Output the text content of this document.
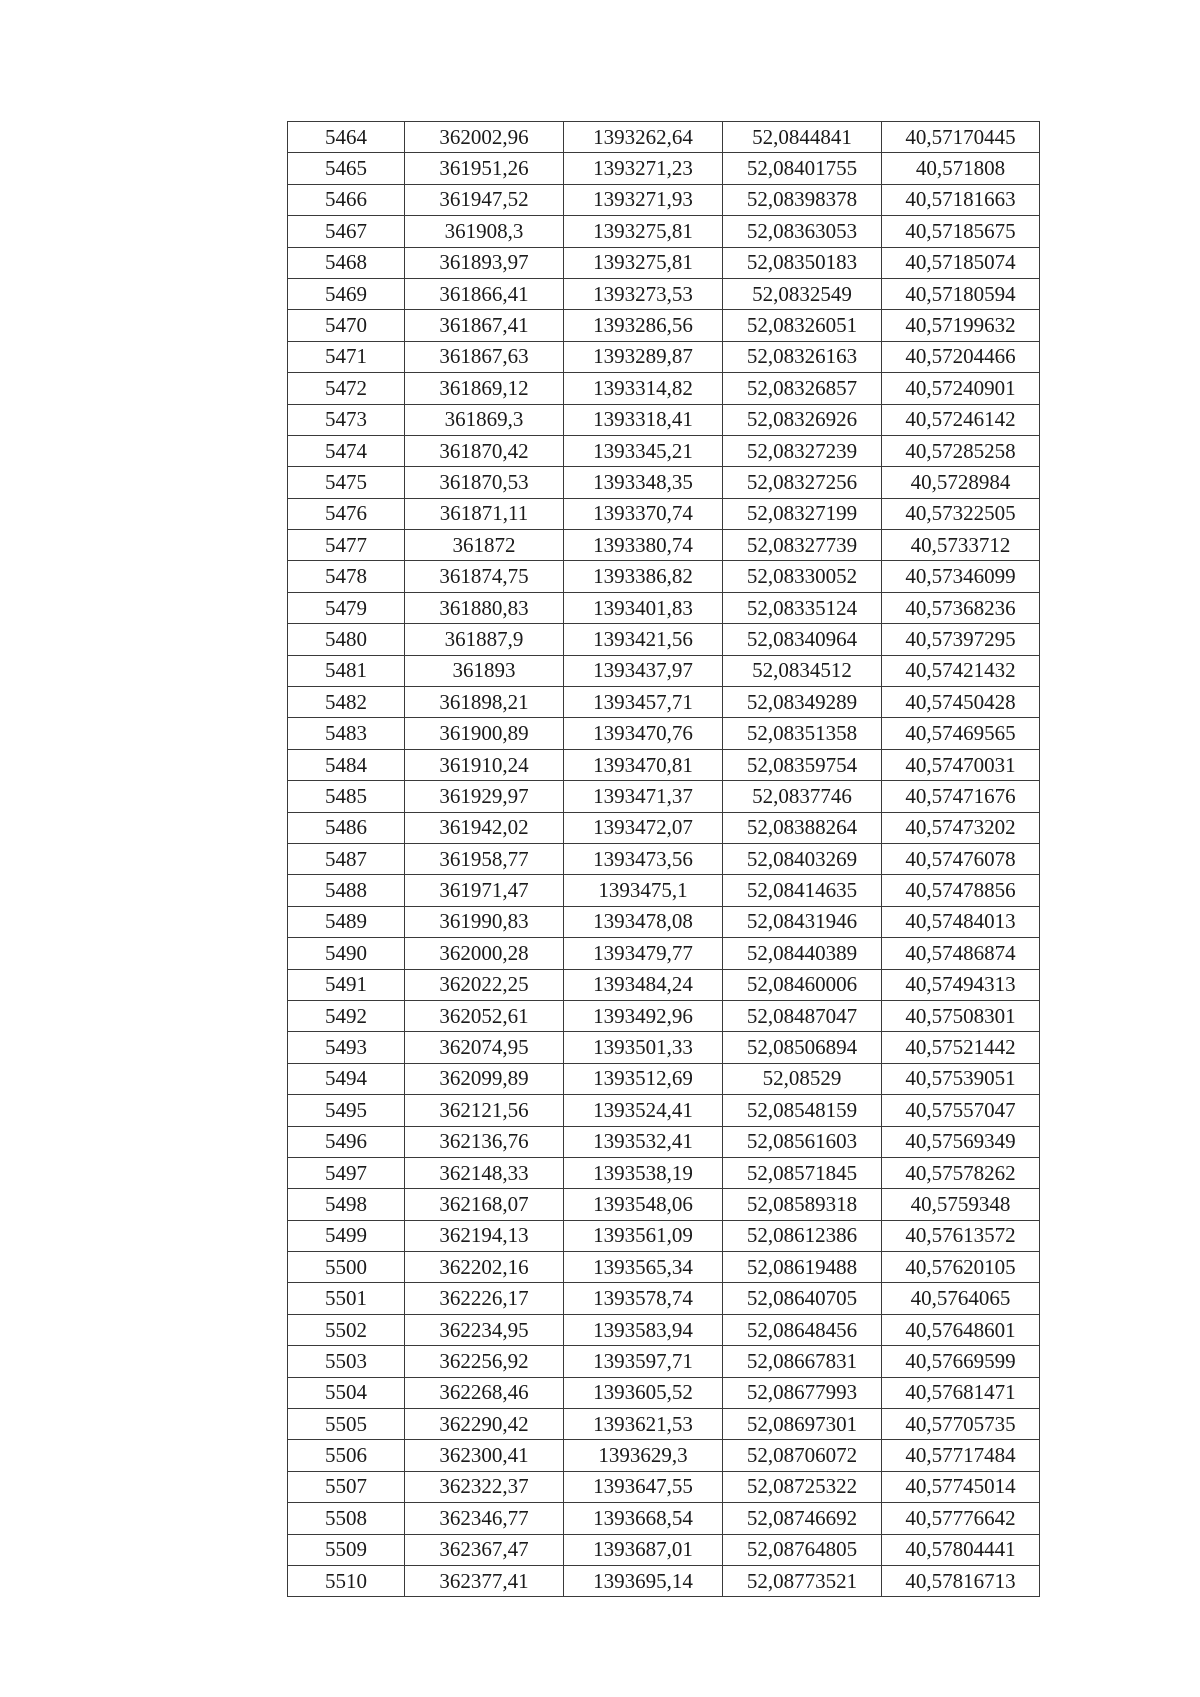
5464	362002,96	1393262,64	52,0844841	40,57170445
5465	361951,26	1393271,23	52,08401755	40,571808
5466	361947,52	1393271,93	52,08398378	40,57181663
5467	361908,3	1393275,81	52,08363053	40,57185675
5468	361893,97	1393275,81	52,08350183	40,57185074
5469	361866,41	1393273,53	52,0832549	40,57180594
5470	361867,41	1393286,56	52,08326051	40,57199632
5471	361867,63	1393289,87	52,08326163	40,57204466
5472	361869,12	1393314,82	52,08326857	40,57240901
5473	361869,3	1393318,41	52,08326926	40,57246142
5474	361870,42	1393345,21	52,08327239	40,57285258
5475	361870,53	1393348,35	52,08327256	40,5728984
5476	361871,11	1393370,74	52,08327199	40,57322505
5477	361872	1393380,74	52,08327739	40,5733712
5478	361874,75	1393386,82	52,08330052	40,57346099
5479	361880,83	1393401,83	52,08335124	40,57368236
5480	361887,9	1393421,56	52,08340964	40,57397295
5481	361893	1393437,97	52,0834512	40,57421432
5482	361898,21	1393457,71	52,08349289	40,57450428
5483	361900,89	1393470,76	52,08351358	40,57469565
5484	361910,24	1393470,81	52,08359754	40,57470031
5485	361929,97	1393471,37	52,0837746	40,57471676
5486	361942,02	1393472,07	52,08388264	40,57473202
5487	361958,77	1393473,56	52,08403269	40,57476078
5488	361971,47	1393475,1	52,08414635	40,57478856
5489	361990,83	1393478,08	52,08431946	40,57484013
5490	362000,28	1393479,77	52,08440389	40,57486874
5491	362022,25	1393484,24	52,08460006	40,57494313
5492	362052,61	1393492,96	52,08487047	40,57508301
5493	362074,95	1393501,33	52,08506894	40,57521442
5494	362099,89	1393512,69	52,08529	40,57539051
5495	362121,56	1393524,41	52,08548159	40,57557047
5496	362136,76	1393532,41	52,08561603	40,57569349
5497	362148,33	1393538,19	52,08571845	40,57578262
5498	362168,07	1393548,06	52,08589318	40,5759348
5499	362194,13	1393561,09	52,08612386	40,57613572
5500	362202,16	1393565,34	52,08619488	40,57620105
5501	362226,17	1393578,74	52,08640705	40,5764065
5502	362234,95	1393583,94	52,08648456	40,57648601
5503	362256,92	1393597,71	52,08667831	40,57669599
5504	362268,46	1393605,52	52,08677993	40,57681471
5505	362290,42	1393621,53	52,08697301	40,57705735
5506	362300,41	1393629,3	52,08706072	40,57717484
5507	362322,37	1393647,55	52,08725322	40,57745014
5508	362346,77	1393668,54	52,08746692	40,57776642
5509	362367,47	1393687,01	52,08764805	40,57804441
5510	362377,41	1393695,14	52,08773521	40,57816713
